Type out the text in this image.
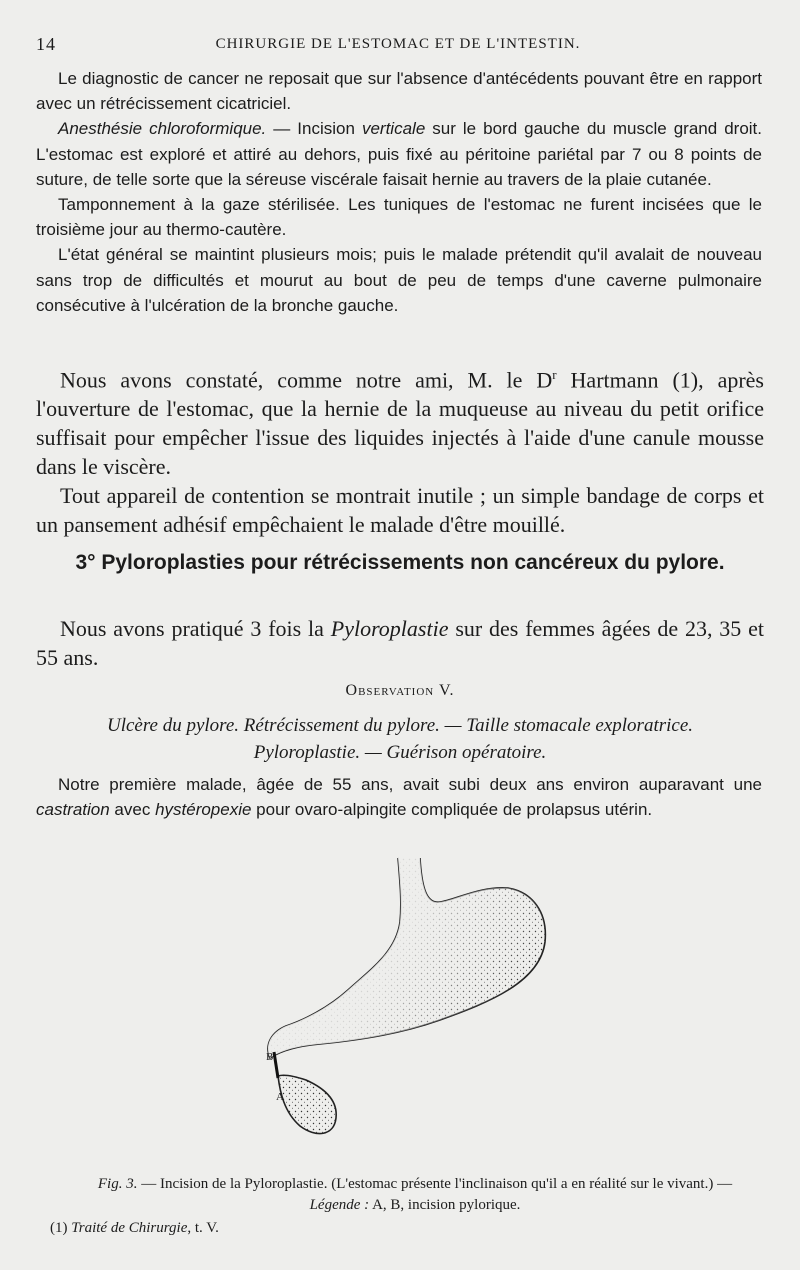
14	CHIRURGIE DE L'ESTOMAC ET DE L'INTESTIN.

Le diagnostic de cancer ne reposait que sur l'absence d'antécédents pouvant être en rapport avec un rétrécissement cicatriciel.

Anesthésie chloroformique. — Incision verticale sur le bord gauche du muscle grand droit. L'estomac est exploré et attiré au dehors, puis fixé au péritoine pariétal par 7 ou 8 points de suture, de telle sorte que la séreuse viscérale faisait hernie au travers de la plaie cutanée.

Tamponnement à la gaze stérilisée. Les tuniques de l'estomac ne furent incisées que le troisième jour au thermo-cautère.

L'état général se maintint plusieurs mois; puis le malade prétendit qu'il avalait de nouveau sans trop de difficultés et mourut au bout de peu de temps d'une caverne pulmonaire consécutive à l'ulcération de la bronche gauche.

Nous avons constaté, comme notre ami, M. le $D^r$ Hartmann (1), après l'ouverture de l'estomac, que la hernie de la muqueuse au niveau du petit orifice suffisait pour empêcher l'issue des liquides injectés à l'aide d'une canule mousse dans le viscère.

Tout appareil de contention se montrait inutile ; un simple bandage de corps et un pansement adhésif empêchaient le malade d'être mouillé.

3° Pyloroplasties pour rétrécissements non cancéreux du pylore.

Nous avons pratiqué 3 fois la Pyloroplastie sur des femmes âgées de 23, 35 et 55 ans.

Observation V.
Ulcère du pylore. Rétrécissement du pylore. — Taille stomacale exploratrice. Pyloroplastie. — Guérison opératoire.

Notre première malade, âgée de 55 ans, avait subi deux ans environ auparavant une castration avec hystéropexie pour ovaro-alpingite compliquée de prolapsus utérin.

B
A
Fig. 3. — Incision de la Pyloroplastie. (L'estomac présente l'inclinaison qu'il a en réalité sur le vivant.) — Légende : A, B, incision pylorique.
(1) Traité de Chirurgie, t. V.
